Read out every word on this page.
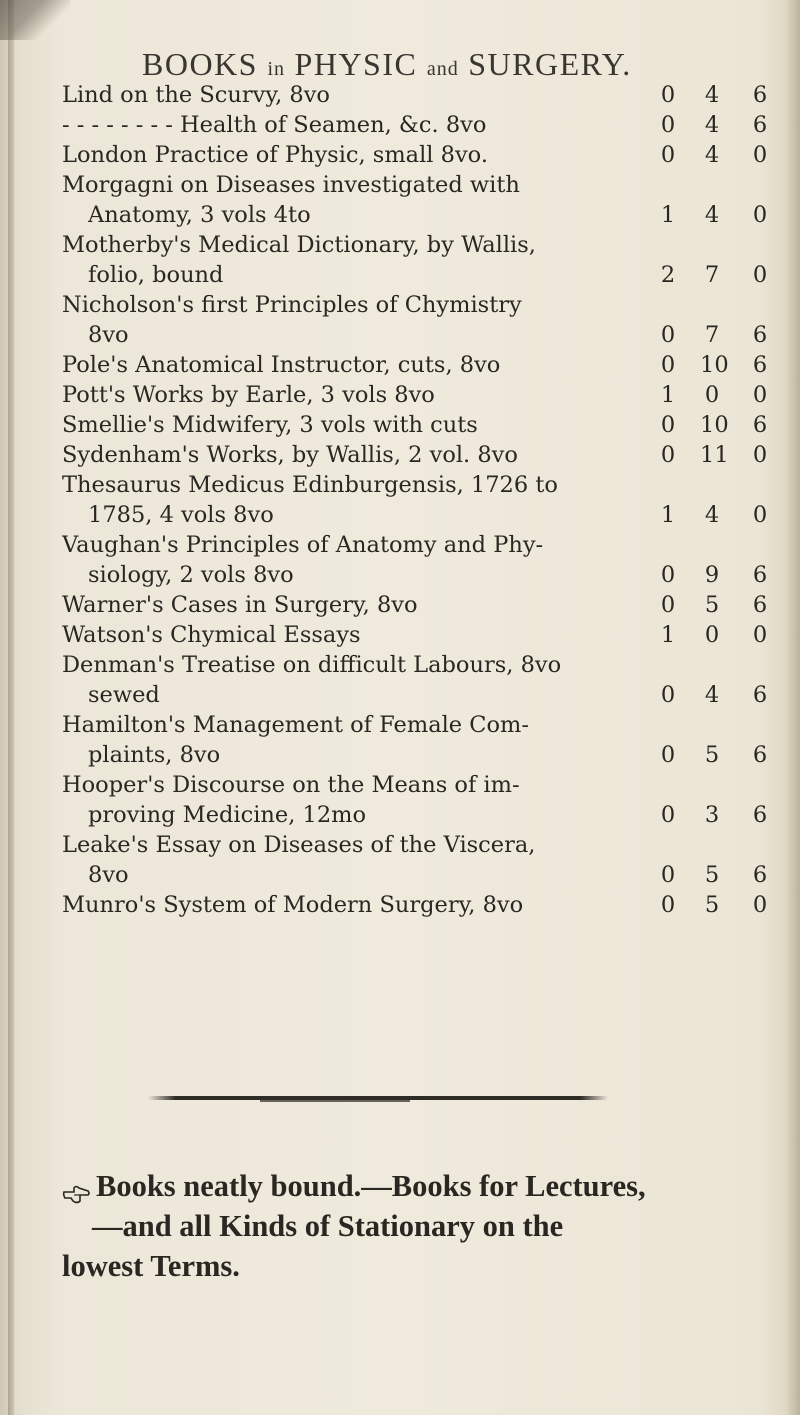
BOOKS in PHYSIC and SURGERY.
Lind on the Scurvy, 8vo	0 4 6
- - - - - - - - Health of Seamen, &c. 8vo	0 4 6
London Practice of Physic, small 8vo.	0 4 0
Morgagni on Diseases investigated with
Anatomy, 3 vols 4to	1 4 0
Motherby's Medical Dictionary, by Wallis,
folio, bound	2 7 0
Nicholson's first Principles of Chymistry
8vo	0 7 6
Pole's Anatomical Instructor, cuts, 8vo	0 10 6
Pott's Works by Earle, 3 vols 8vo	1 0 0
Smellie's Midwifery, 3 vols with cuts	0 10 6
Sydenham's Works, by Wallis, 2 vol. 8vo	0 11 0
Thesaurus Medicus Edinburgensis, 1726 to
1785, 4 vols 8vo	1 4 0
Vaughan's Principles of Anatomy and Phy-
siology, 2 vols 8vo	0 9 6
Warner's Cases in Surgery, 8vo	0 5 6
Watson's Chymical Essays	1 0 0
Denman's Treatise on difficult Labours, 8vo
sewed	0 4 6
Hamilton's Management of Female Com-
plaints, 8vo	0 5 6
Hooper's Discourse on the Means of im-
proving Medicine, 12mo	0 3 6
Leake's Essay on Diseases of the Viscera,
8vo	0 5 6
Munro's System of Modern Surgery, 8vo	0 5 0
Books neatly bound.—Books for Lectures,
—and all Kinds of Stationary on the
lowest Terms.
